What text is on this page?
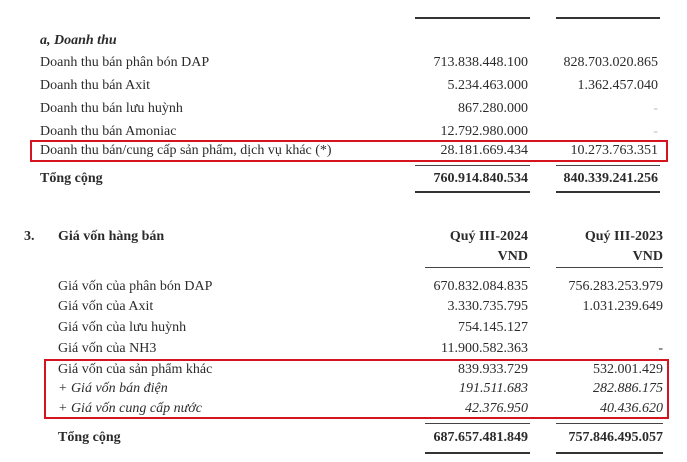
a, Doanh thu
Doanh thu bán phân bón DAP	713.838.448.100	828.703.020.865
Doanh thu bán Axit	5.234.463.000	1.362.457.040
Doanh thu bán lưu huỳnh	867.280.000	-
Doanh thu bán Amoniac	12.792.980.000	-
Doanh thu bán/cung cấp sản phẩm, dịch vụ khác (*)	28.181.669.434	10.273.763.351
Tổng cộng	760.914.840.534	840.339.241.256
3. Giá vốn hàng bán	Quý III-2024	Quý III-2023
VND	VND
Giá vốn của phân bón DAP	670.832.084.835	756.283.253.979
Giá vốn của Axit	3.330.735.795	1.031.239.649
Giá vốn của lưu huỳnh	754.145.127
Giá vốn của NH3	11.900.582.363	-
Giá vốn của sản phẩm khác	839.933.729	532.001.429
+ Giá vốn bán điện	191.511.683	282.886.175
+ Giá vốn cung cấp nước	42.376.950	40.436.620
Tổng cộng	687.657.481.849	757.846.495.057
